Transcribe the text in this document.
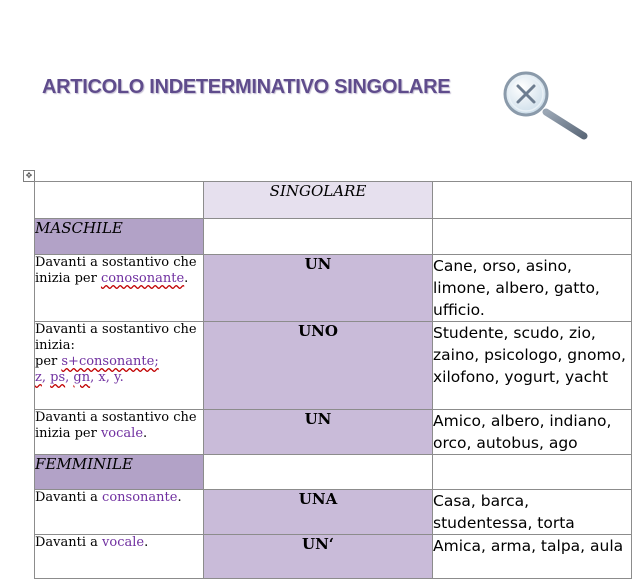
ARTICOLO INDETERMINATIVO SINGOLARE
✥
	SINGOLARE	
MASCHILE		
Davanti a sostantivo che inizia per conosonante.	UN	Cane, orso, asino, limone, albero, gatto, ufficio.
Davanti a sostantivo che inizia:
per s+consonante;
z, ps, gn, x, y.	UNO	Studente, scudo, zio, zaino, psicologo, gnomo, xilofono, yogurt, yacht
Davanti a sostantivo che inizia per vocale.	UN	Amico, albero, indiano, orco, autobus, ago
FEMMINILE		
Davanti a consonante.	UNA	Casa, barca, studentessa, torta
Davanti a vocale.	UN‘	Amica, arma, talpa, aula
